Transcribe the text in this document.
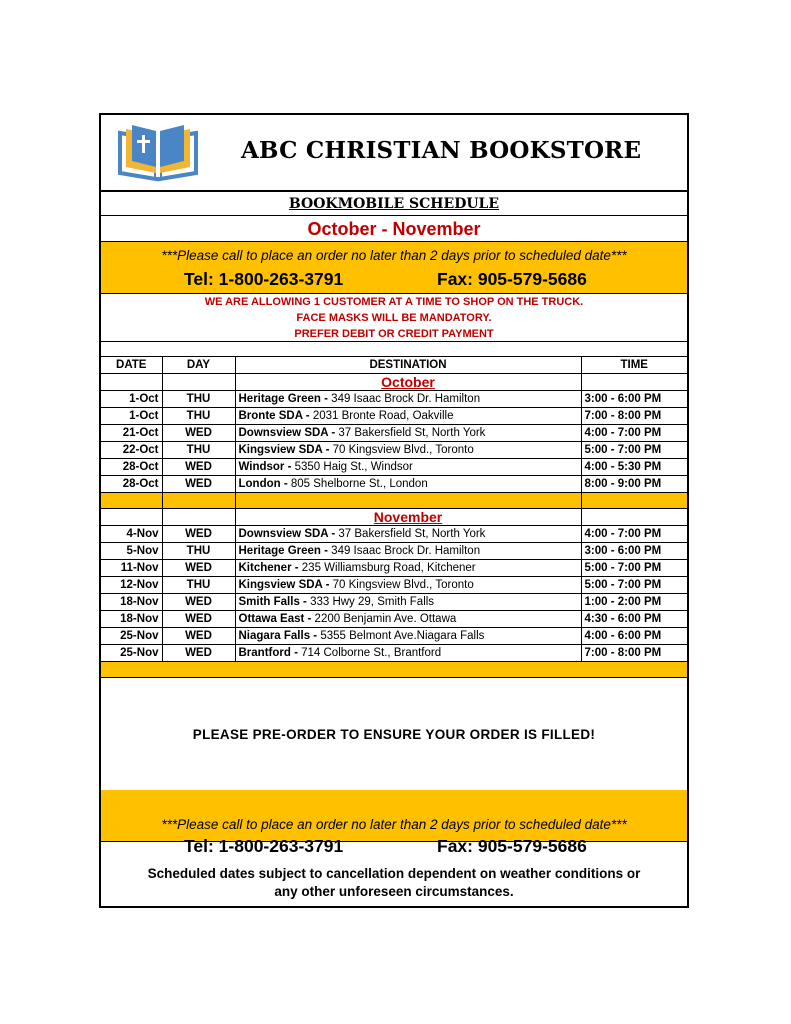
ABC CHRISTIAN BOOKSTORE
BOOKMOBILE SCHEDULE
October - November
***Please call to place an order no later than 2 days prior to scheduled date***
Tel: 1-800-263-3791	Fax: 905-579-5686
WE ARE ALLOWING 1 CUSTOMER AT A TIME TO SHOP ON THE TRUCK.
FACE MASKS WILL BE MANDATORY.
PREFER DEBIT OR CREDIT PAYMENT
DATE	DAY	DESTINATION	TIME
		October	
1-Oct	THU	Heritage Green - 349 Isaac Brock Dr. Hamilton	3:00 - 6:00 PM
1-Oct	THU	Bronte SDA - 2031 Bronte Road, Oakville	7:00 - 8:00 PM
21-Oct	WED	Downsview SDA - 37 Bakersfield St, North York	4:00 - 7:00 PM
22-Oct	THU	Kingsview SDA - 70 Kingsview Blvd., Toronto	5:00 - 7:00 PM
28-Oct	WED	Windsor - 5350 Haig St., Windsor	4:00 - 5:30 PM
28-Oct	WED	London - 805 Shelborne St., London	8:00 - 9:00 PM

		November	
4-Nov	WED	Downsview SDA - 37 Bakersfield St, North York	4:00 - 7:00 PM
5-Nov	THU	Heritage Green - 349 Isaac Brock Dr. Hamilton	3:00 - 6:00 PM
11-Nov	WED	Kitchener - 235 Williamsburg Road, Kitchener	5:00 - 7:00 PM
12-Nov	THU	Kingsview SDA - 70 Kingsview Blvd., Toronto	5:00 - 7:00 PM
18-Nov	WED	Smith Falls - 333 Hwy 29, Smith Falls	1:00 - 2:00 PM
18-Nov	WED	Ottawa East - 2200 Benjamin Ave. Ottawa	4:30 - 6:00 PM
25-Nov	WED	Niagara Falls - 5355 Belmont Ave.Niagara Falls	4:00 - 6:00 PM
25-Nov	WED	Brantford - 714 Colborne St., Brantford	7:00 - 8:00 PM

PLEASE PRE-ORDER TO ENSURE YOUR ORDER IS FILLED!
***Please call to place an order no later than 2 days prior to scheduled date***
Tel: 1-800-263-3791	Fax: 905-579-5686
Scheduled dates subject to cancellation dependent on weather conditions or
any other unforeseen circumstances.
